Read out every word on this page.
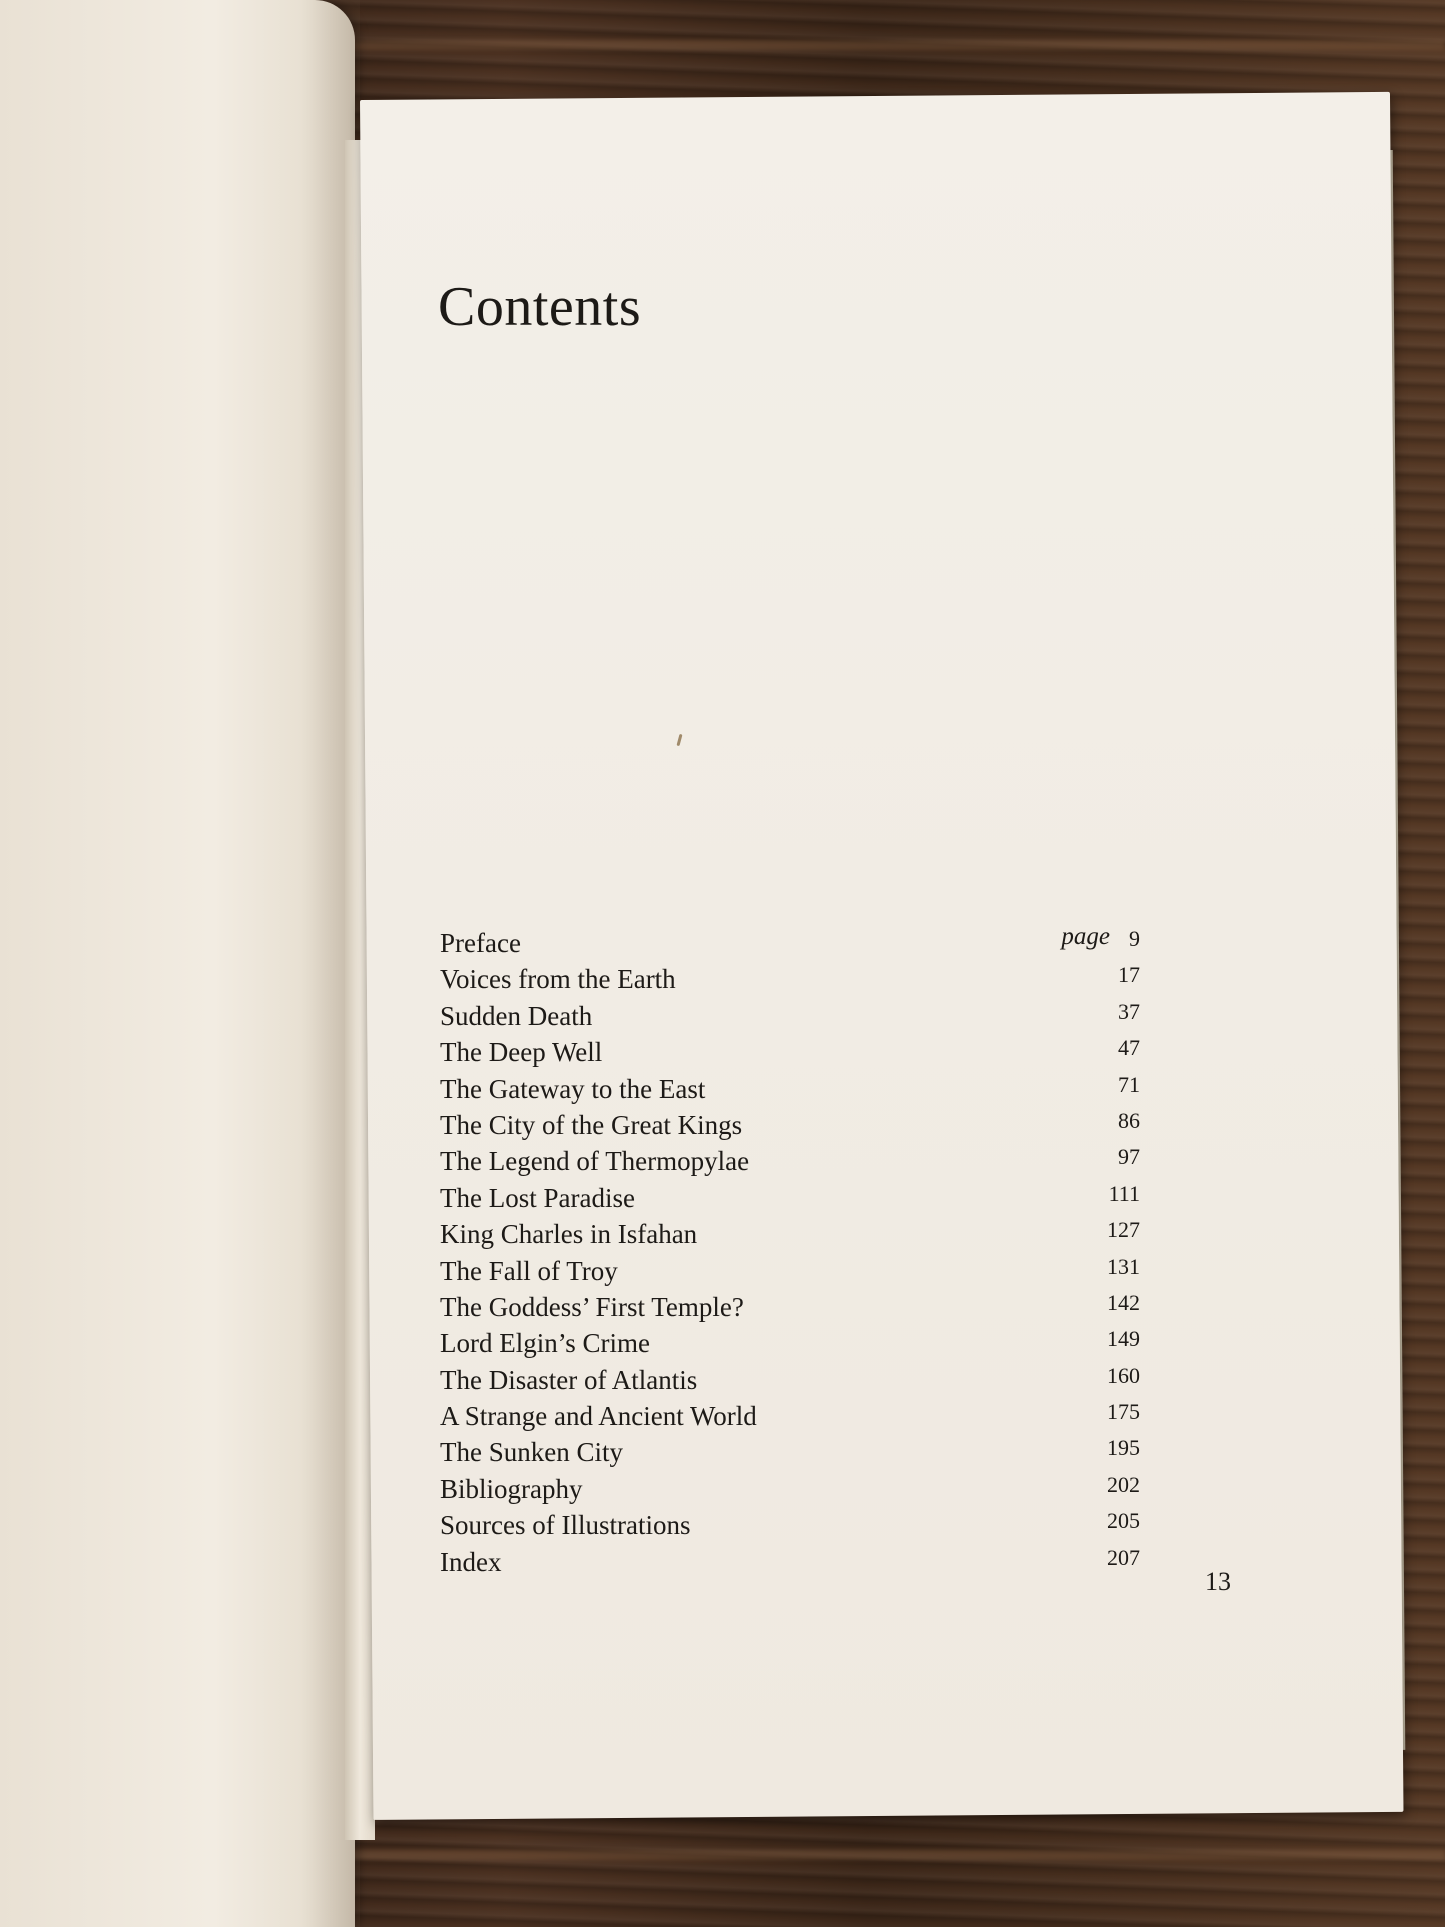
Contents
Preface	page 9
Voices from the Earth	17
Sudden Death	37
The Deep Well	47
The Gateway to the East	71
The City of the Great Kings	86
The Legend of Thermopylae	97
The Lost Paradise	111
King Charles in Isfahan	127
The Fall of Troy	131
The Goddess’ First Temple?	142
Lord Elgin’s Crime	149
The Disaster of Atlantis	160
A Strange and Ancient World	175
The Sunken City	195
Bibliography	202
Sources of Illustrations	205
Index	207
13
